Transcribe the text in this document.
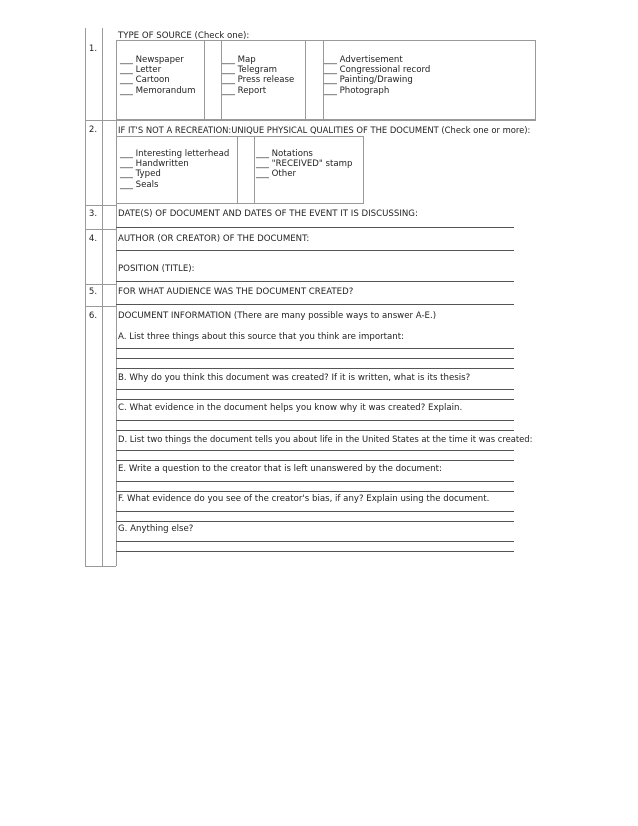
1.
TYPE OF SOURCE (Check one):
___ Newspaper
___ Letter
___ Cartoon
___ Memorandum
___ Map
___ Telegram
___ Press release
___ Report
___ Advertisement
___ Congressional record
___ Painting/Drawing
___ Photograph
2.	IF IT'S NOT A RECREATION:UNIQUE PHYSICAL QUALITIES OF THE DOCUMENT (Check one or more):
___ Interesting letterhead
___ Handwritten
___ Typed
___ Seals
___ Notations
___ "RECEIVED" stamp
___ Other
3.	DATE(S) OF DOCUMENT AND DATES OF THE EVENT IT IS DISCUSSING:
4.	AUTHOR (OR CREATOR) OF THE DOCUMENT:
POSITION (TITLE):
5.	FOR WHAT AUDIENCE WAS THE DOCUMENT CREATED?
6.	DOCUMENT INFORMATION (There are many possible ways to answer A-E.)
A. List three things about this source that you think are important:
B. Why do you think this document was created? If it is written, what is its thesis?
C. What evidence in the document helps you know why it was created? Explain.
D. List two things the document tells you about life in the United States at the time it was created:
E. Write a question to the creator that is left unanswered by the document:
F. What evidence do you see of the creator's bias, if any? Explain using the document.
G. Anything else?
